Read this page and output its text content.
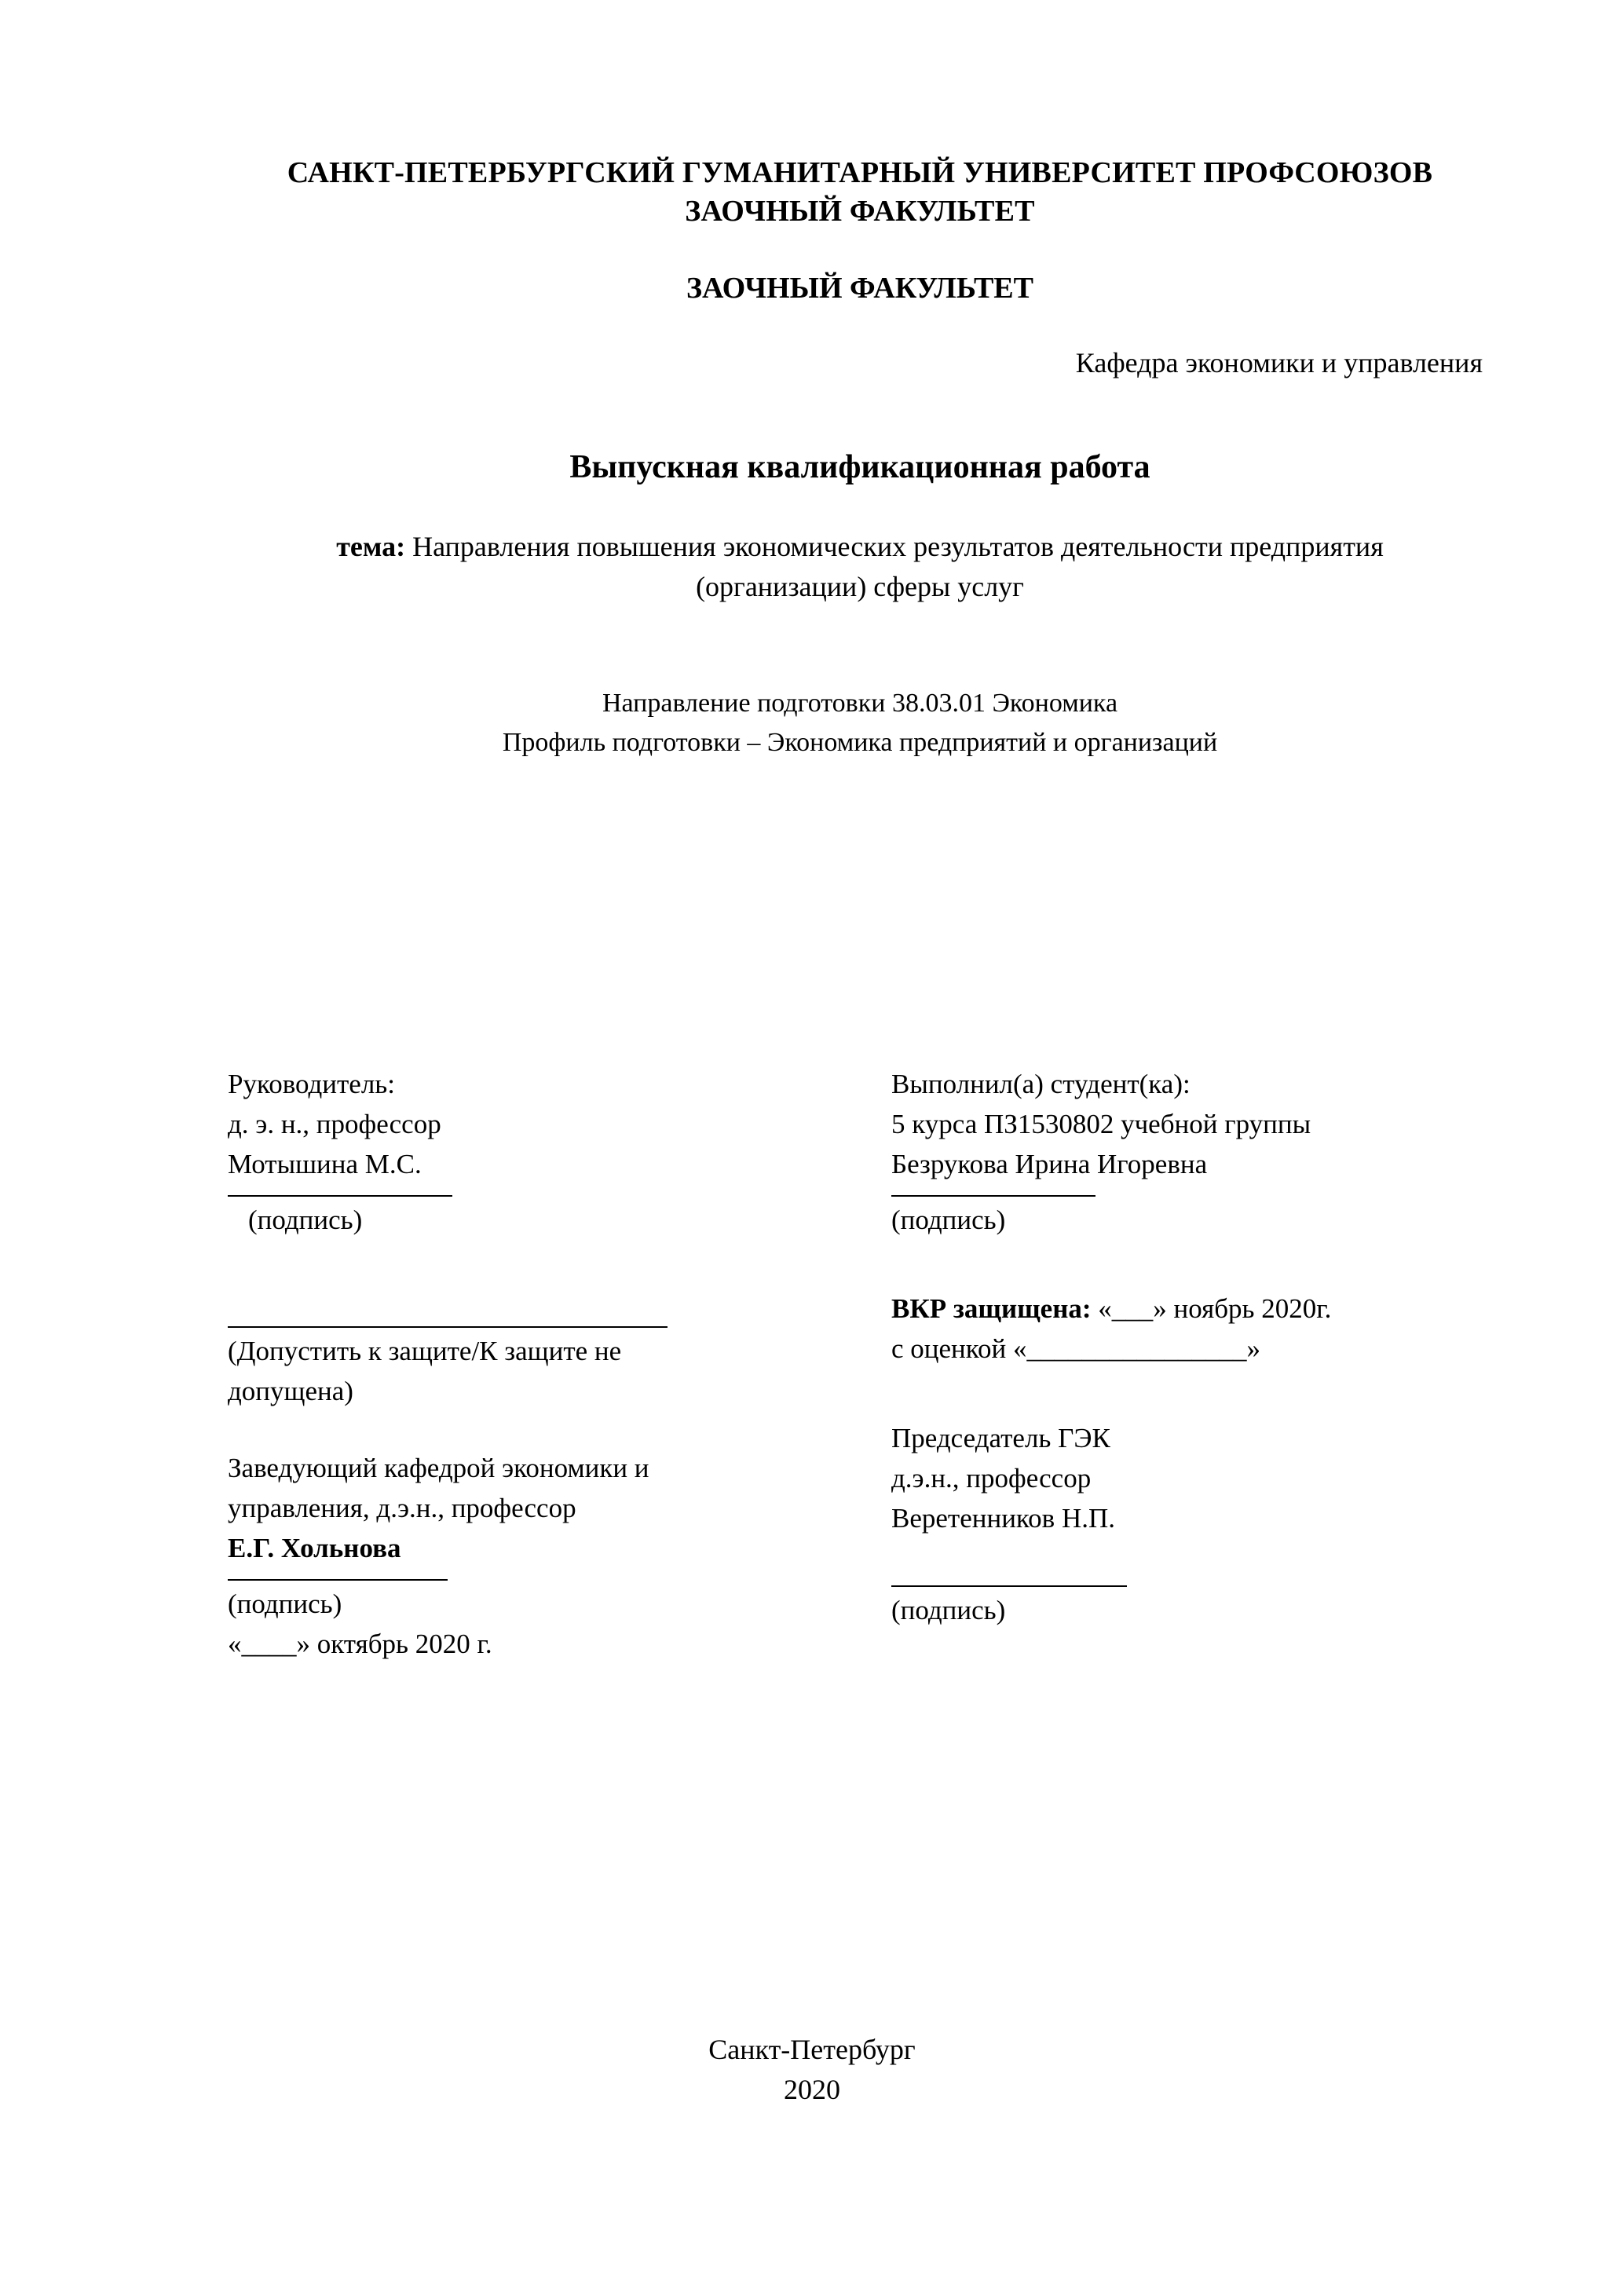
САНКТ-ПЕТЕРБУРГСКИЙ ГУМАНИТАРНЫЙ УНИВЕРСИТЕТ ПРОФСОЮЗОВ ЗАОЧНЫЙ ФАКУЛЬТЕТ
ЗАОЧНЫЙ ФАКУЛЬТЕТ
Кафедра экономики и управления
Выпускная квалификационная работа
тема: Направления повышения экономических результатов деятельности предприятия (организации) сферы услуг
Направление подготовки 38.03.01 Экономика
Профиль подготовки – Экономика предприятий и организаций
Руководитель:
д. э. н., профессор
Мотышина М.С.
(подпись)
(Допустить к защите/К защите не
допущена)
Заведующий кафедрой экономики и
управления, д.э.н., профессор
Е.Г. Хольнова
(подпись)
«____» октябрь 2020 г.
Выполнил(а) студент(ка):
5 курса ПЗ1530802 учебной группы
Безрукова Ирина Игоревна
(подпись)
ВКР защищена: «___» ноябрь 2020г.
с оценкой «________________»
Председатель ГЭК
д.э.н., профессор
Веретенников Н.П.
(подпись)
Санкт-Петербург
2020
